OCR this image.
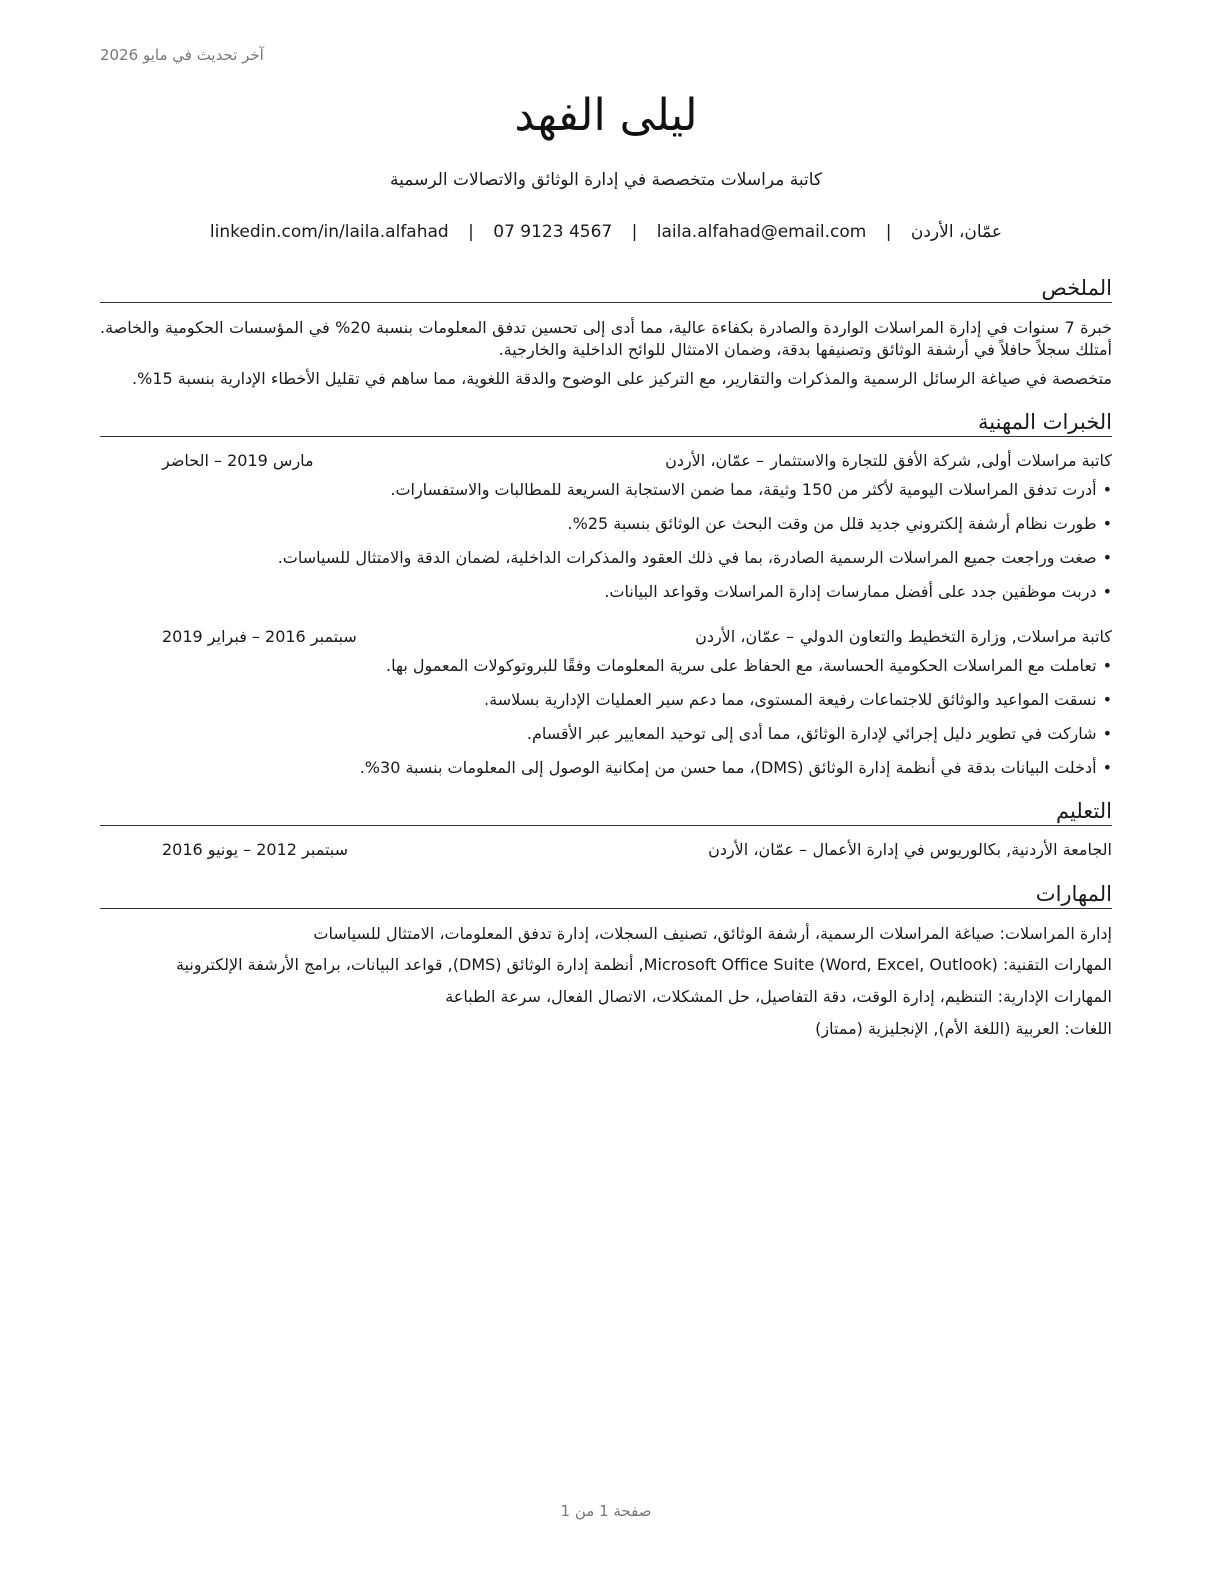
آخر تحديث في مايو 2026
ليلى الفهد
كاتبة مراسلات متخصصة في إدارة الوثائق والاتصالات الرسمية
عمّان، الأردن | laila.alfahad@email.com | 07 9123 4567 | linkedin.com/in/laila.alfahad
الملخص

خبرة 7 سنوات في إدارة المراسلات الواردة والصادرة بكفاءة عالية، مما أدى إلى تحسين تدفق المعلومات بنسبة 20% في المؤسسات الحكومية والخاصة. أمتلك سجلاً حافلاً في أرشفة الوثائق وتصنيفها بدقة، وضمان الامتثال للوائح الداخلية والخارجية.

متخصصة في صياغة الرسائل الرسمية والمذكرات والتقارير، مع التركيز على الوضوح والدقة اللغوية، مما ساهم في تقليل الأخطاء الإدارية بنسبة 15%.

الخبرات المهنية
كاتبة مراسلات أولى, شركة الأفق للتجارة والاستثمار
– عمّان، الأردن
مارس 2019 – الحاضر
•أدرت تدفق المراسلات اليومية لأكثر من 150 وثيقة، مما ضمن الاستجابة السريعة للمطالبات والاستفسارات.
•طورت نظام أرشفة إلكتروني جديد قلل من وقت البحث عن الوثائق بنسبة 25%.
•صغت وراجعت جميع المراسلات الرسمية الصادرة، بما في ذلك العقود والمذكرات الداخلية، لضمان الدقة والامتثال للسياسات.
•دربت موظفين جدد على أفضل ممارسات إدارة المراسلات وقواعد البيانات.
كاتبة مراسلات, وزارة التخطيط والتعاون الدولي
– عمّان، الأردن
سبتمبر 2016 – فبراير 2019
•تعاملت مع المراسلات الحكومية الحساسة، مع الحفاظ على سرية المعلومات وفقًا للبروتوكولات المعمول بها.
•نسقت المواعيد والوثائق للاجتماعات رفيعة المستوى، مما دعم سير العمليات الإدارية بسلاسة.
•شاركت في تطوير دليل إجرائي لإدارة الوثائق، مما أدى إلى توحيد المعايير عبر الأقسام.
•أدخلت البيانات بدقة في أنظمة إدارة الوثائق (DMS)، مما حسن من إمكانية الوصول إلى المعلومات بنسبة 30%.
التعليم
الجامعة الأردنية, بكالوريوس في إدارة الأعمال
– عمّان، الأردن
سبتمبر 2012 – يونيو 2016
المهارات

إدارة المراسلات: صياغة المراسلات الرسمية، أرشفة الوثائق، تصنيف السجلات، إدارة تدفق المعلومات، الامتثال للسياسات

المهارات التقنية: Microsoft Office Suite (Word, Excel, Outlook), أنظمة إدارة الوثائق (DMS), قواعد البيانات، برامج الأرشفة الإلكترونية

المهارات الإدارية: التنظيم، إدارة الوقت، دقة التفاصيل، حل المشكلات، الاتصال الفعال، سرعة الطباعة

اللغات: العربية (اللغة الأم), الإنجليزية (ممتاز)

صفحة 1 من 1
